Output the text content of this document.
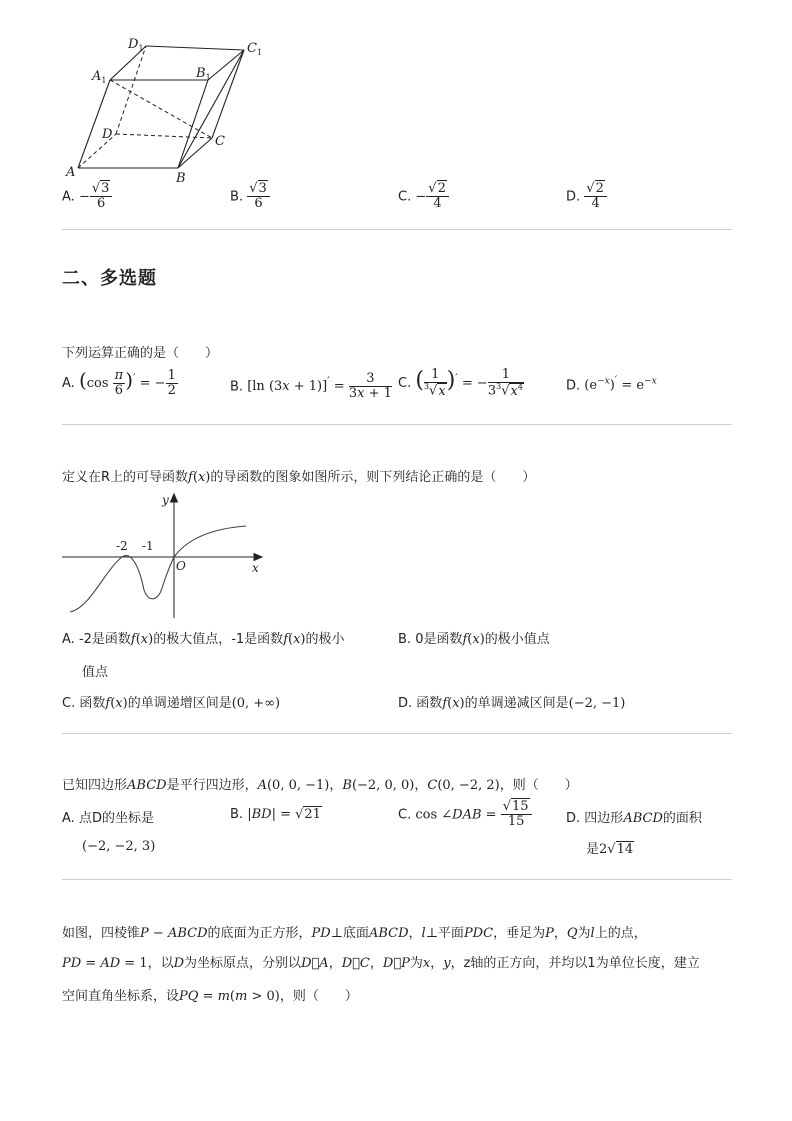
$D_1$	$C_1$
$A_1$	$B_1$
D	C
A	B
A. − $\frac{√3}{6}$	B. $\frac{√3}{6}$	C. − $\frac{√2}{4}$	D. $\frac{√2}{4}$
二、多选题
下列运算正确的是（　　）
A. $(\cos \frac{\pi}{6} )'$ = − $\frac{1}{2}$	B. [ln $(3x + 1)]' = \frac{3}{3x + 1} C$. ( $\frac{1}{^3√x} )'$ = − $\frac{1}{3^3√x^4}$	D. $(e^{-x})' = e^{-x}$
定义在R上的可导函数f(x)的导函数的图象如图所示，则下列结论正确的是（　　）
y
x
O
-2 -1
A. -2是函数f(x)的极大值点，-1是函数f(x)的极小
值点
B. 0是函数f(x)的极小值点
C. 函数f(x)的单调递增区间是(0, +∞)	D. 函数f(x)的单调递减区间是(−2, −1)
已知四边形ABCD是平行四边形，A(0, 0, −1)，B(−2, 0, 0)，C(0, −2, 2)，则（　　）
A. 点D的坐标是
(−2, −2, 3)
B. |BD| = √21	C. cos ∠DAB = $\frac{√15}{15}$	D. 四边形ABCD的面积
是2√14
如图，四棱锥P − ABCD的底面为正方形，PD⊥底面ABCD，l⊥平面PDC，垂足为P，Q为l上的点，
PD = AD = 1，以D为坐标原点，分别以D⃗A，D⃗C，D⃗P为x，y，z轴的正方向，并均以1为单位长度，建立
空间直角坐标系，设PQ = m(m > 0)，则（　　）
